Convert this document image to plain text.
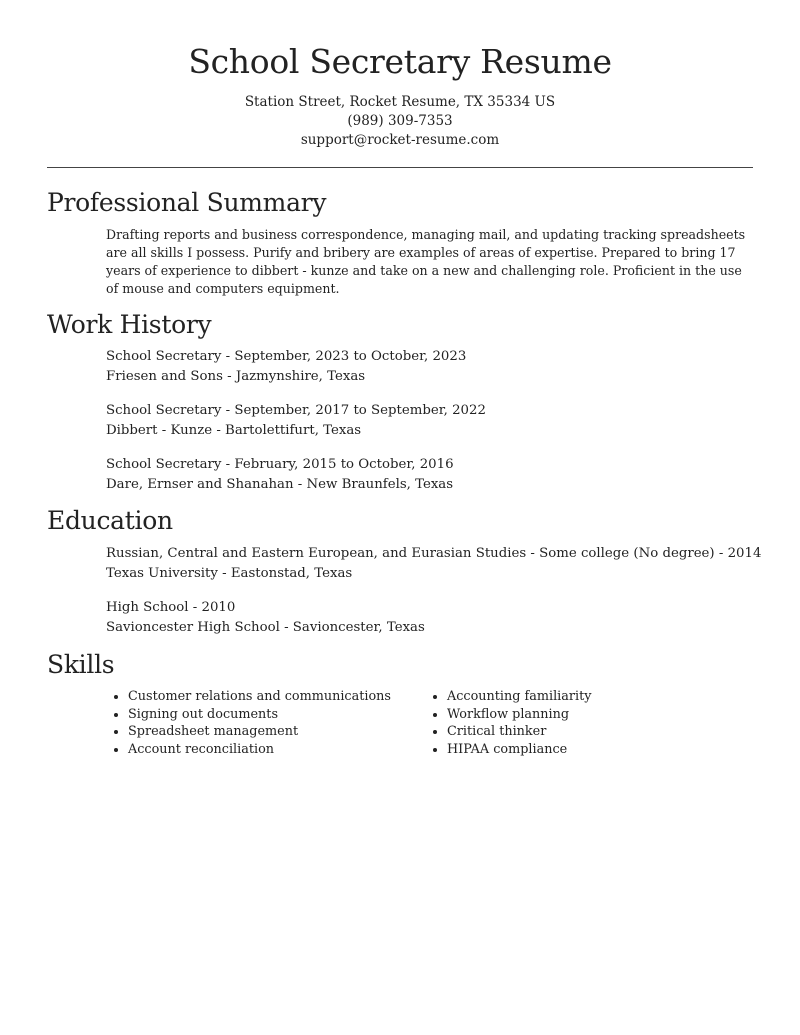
School Secretary Resume
Station Street, Rocket Resume, TX 35334 US
(989) 309-7353
support@rocket-resume.com
Professional Summary
Drafting reports and business correspondence, managing mail, and updating tracking spreadsheets are all skills I possess. Purify and bribery are examples of areas of expertise. Prepared to bring 17 years of experience to dibbert - kunze and take on a new and challenging role. Proficient in the use of mouse and computers equipment.
Work History
School Secretary - September, 2023 to October, 2023
Friesen and Sons - Jazmynshire, Texas
School Secretary - September, 2017 to September, 2022
Dibbert - Kunze - Bartolettifurt, Texas
School Secretary - February, 2015 to October, 2016
Dare, Ernser and Shanahan - New Braunfels, Texas
Education
Russian, Central and Eastern European, and Eurasian Studies - Some college (No degree) - 2014
Texas University - Eastonstad, Texas
High School - 2010
Savioncester High School - Savioncester, Texas
Skills
• Customer relations and communications
• Signing out documents
• Spreadsheet management
• Account reconciliation
• Accounting familiarity
• Workflow planning
• Critical thinker
• HIPAA compliance
